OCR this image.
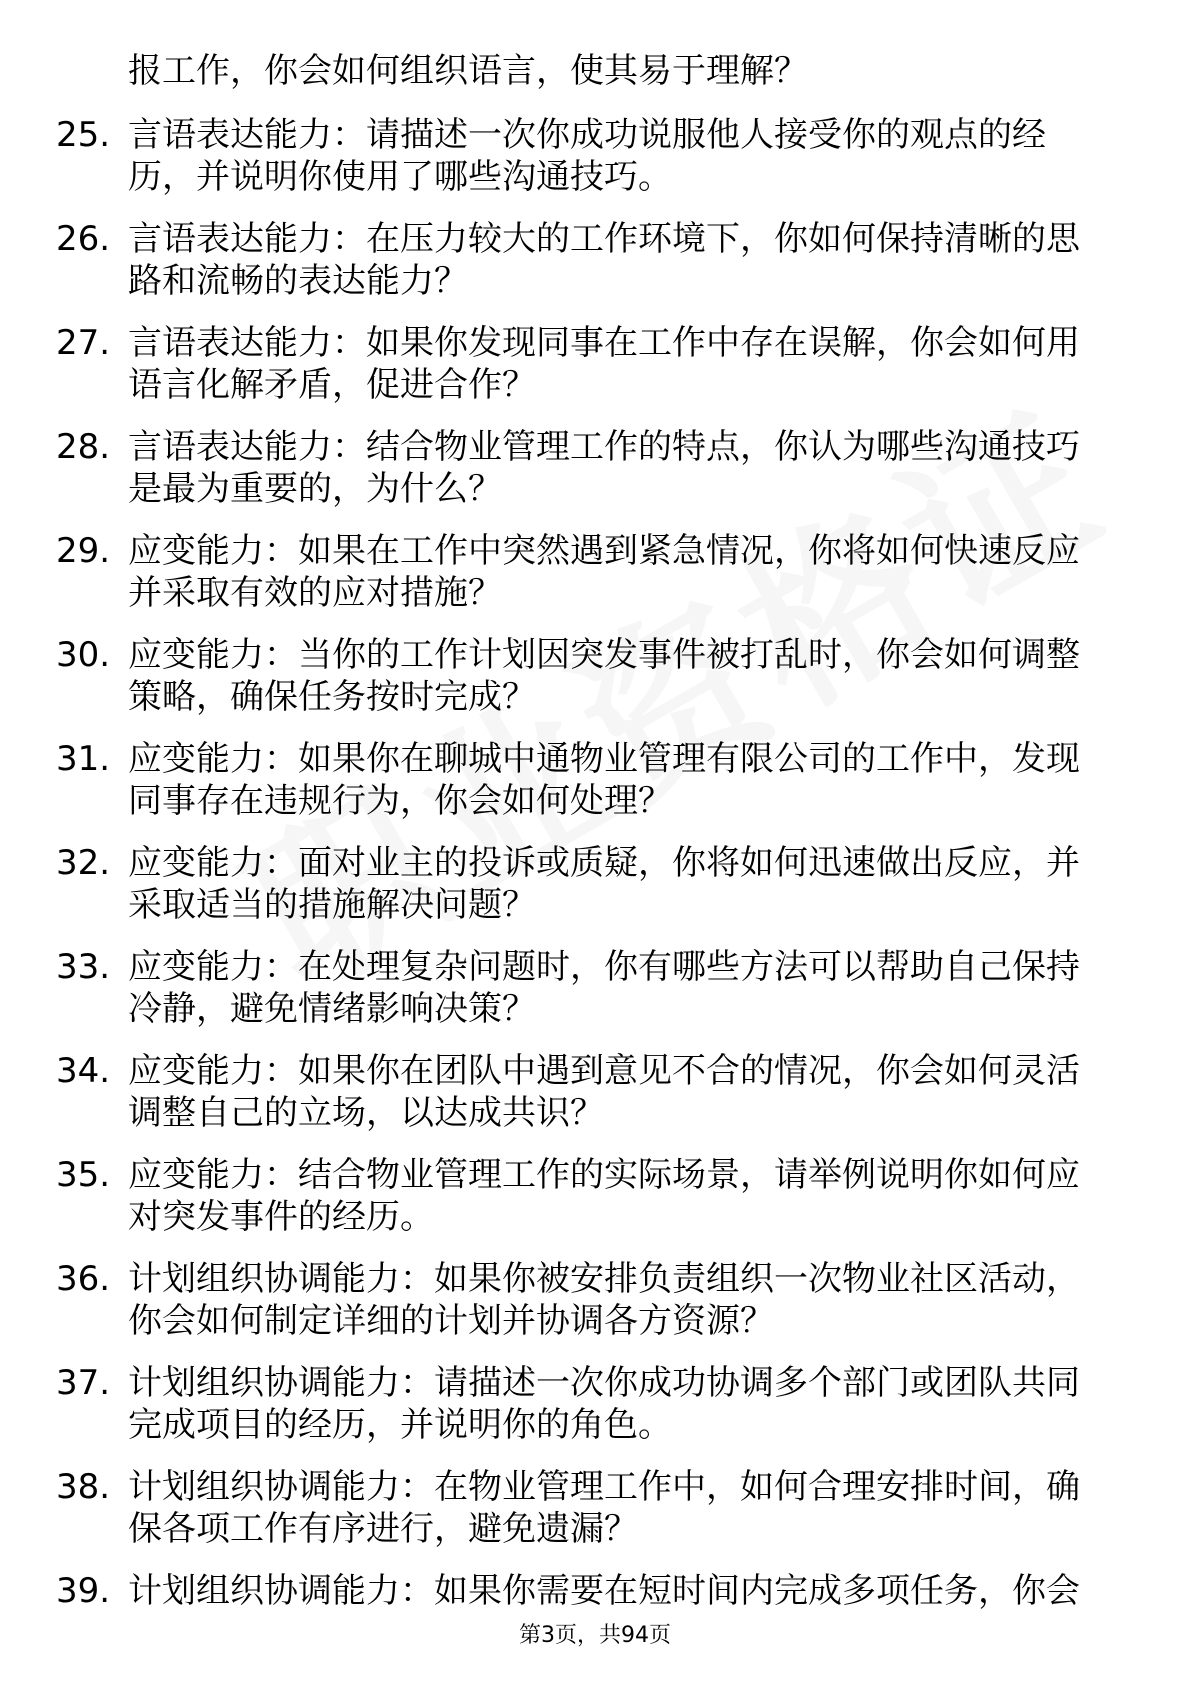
报工作，你会如何组织语言，使其易于理解？
25. 言语表达能力：请描述一次你成功说服他人接受你的观点的经
历，并说明你使用了哪些沟通技巧。
26. 言语表达能力：在压力较大的工作环境下，你如何保持清晰的思
路和流畅的表达能力？
27. 言语表达能力：如果你发现同事在工作中存在误解，你会如何用
语言化解矛盾，促进合作？
28. 言语表达能力：结合物业管理工作的特点，你认为哪些沟通技巧
是最为重要的，为什么？
29. 应变能力：如果在工作中突然遇到紧急情况，你将如何快速反应
并采取有效的应对措施？
30. 应变能力：当你的工作计划因突发事件被打乱时，你会如何调整
策略，确保任务按时完成？
31. 应变能力：如果你在聊城中通物业管理有限公司的工作中，发现
同事存在违规行为，你会如何处理？
32. 应变能力：面对业主的投诉或质疑，你将如何迅速做出反应，并
采取适当的措施解决问题？
33. 应变能力：在处理复杂问题时，你有哪些方法可以帮助自己保持
冷静，避免情绪影响决策？
34. 应变能力：如果你在团队中遇到意见不合的情况，你会如何灵活
调整自己的立场，以达成共识？
35. 应变能力：结合物业管理工作的实际场景，请举例说明你如何应
对突发事件的经历。
36. 计划组织协调能力：如果你被安排负责组织一次物业社区活动，
你会如何制定详细的计划并协调各方资源？
37. 计划组织协调能力：请描述一次你成功协调多个部门或团队共同
完成项目的经历，并说明你的角色。
38. 计划组织协调能力：在物业管理工作中，如何合理安排时间，确
保各项工作有序进行，避免遗漏？
39. 计划组织协调能力：如果你需要在短时间内完成多项任务，你会
第3页，共94页
